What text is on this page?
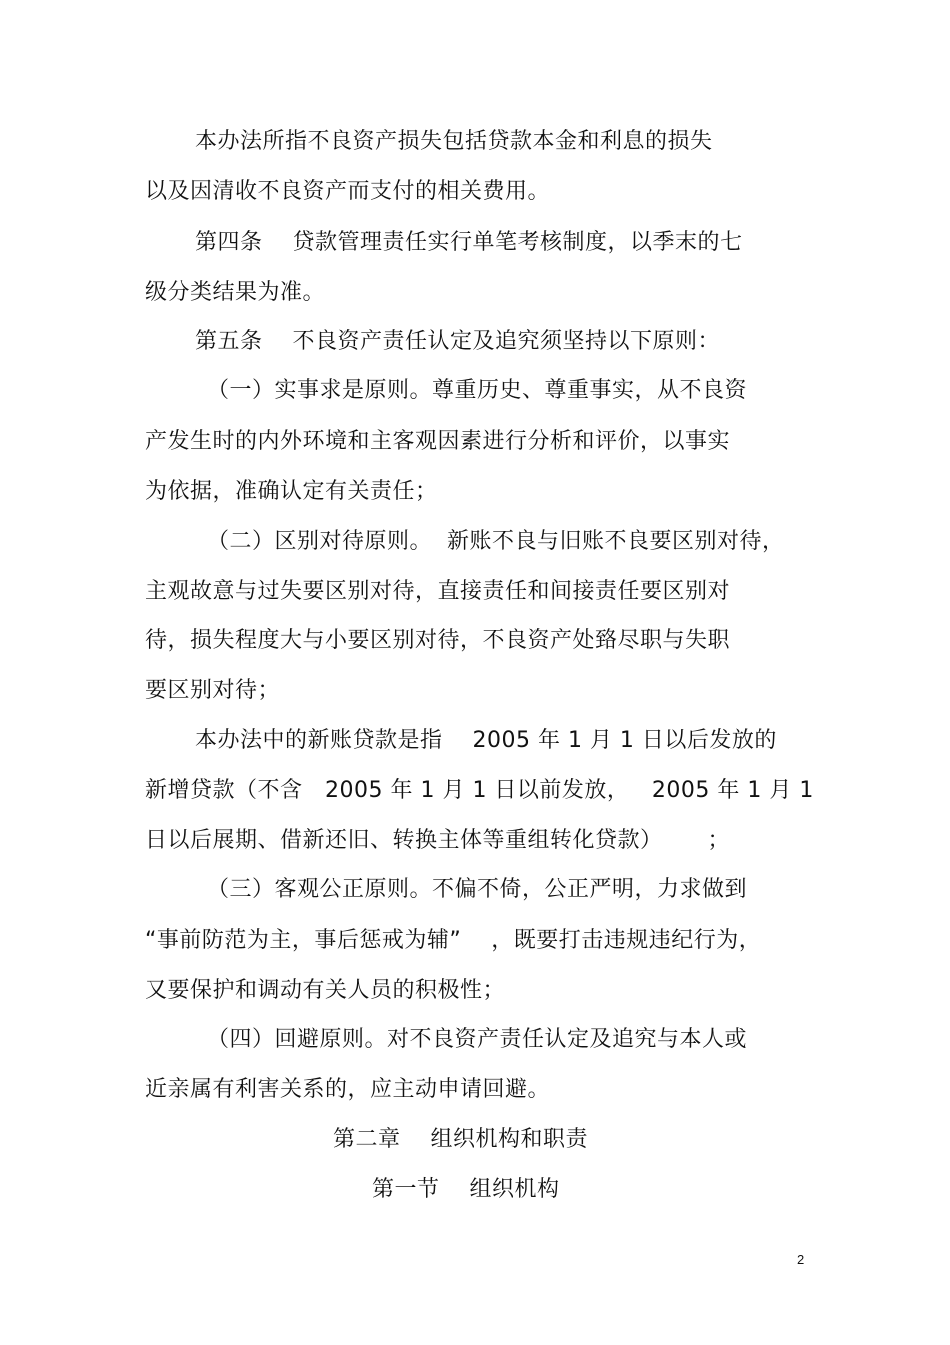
本办法所指不良资产损失包括贷款本金和利息的损失
以及因清收不良资产而支付的相关费用。
第四条    贷款管理责任实行单笔考核制度，以季末的七
级分类结果为准。
第五条    不良资产责任认定及追究须坚持以下原则：
（一）实事求是原则。尊重历史、尊重事实，从不良资
产发生时的内外环境和主客观因素进行分析和评价，以事实
为依据，准确认定有关责任；
（二）区别对待原则。  新账不良与旧账不良要区别对待，
主观故意与过失要区别对待，直接责任和间接责任要区别对
待，损失程度大与小要区别对待，不良资产处臵尽职与失职
要区别对待；
本办法中的新账贷款是指    2005 年 1 月 1 日以后发放的
新增贷款（不含   2005 年 1 月 1 日以前发放，   2005 年 1 月 1
日以后展期、借新还旧、转换主体等重组转化贷款）      ；
（三）客观公正原则。不偏不倚，公正严明，力求做到
“事前防范为主，事后惩戒为辅”    ，既要打击违规违纪行为，
又要保护和调动有关人员的积极性；
（四）回避原则。对不良资产责任认定及追究与本人或
近亲属有利害关系的，应主动申请回避。
第二章    组织机构和职责
第一节    组织机构
2
